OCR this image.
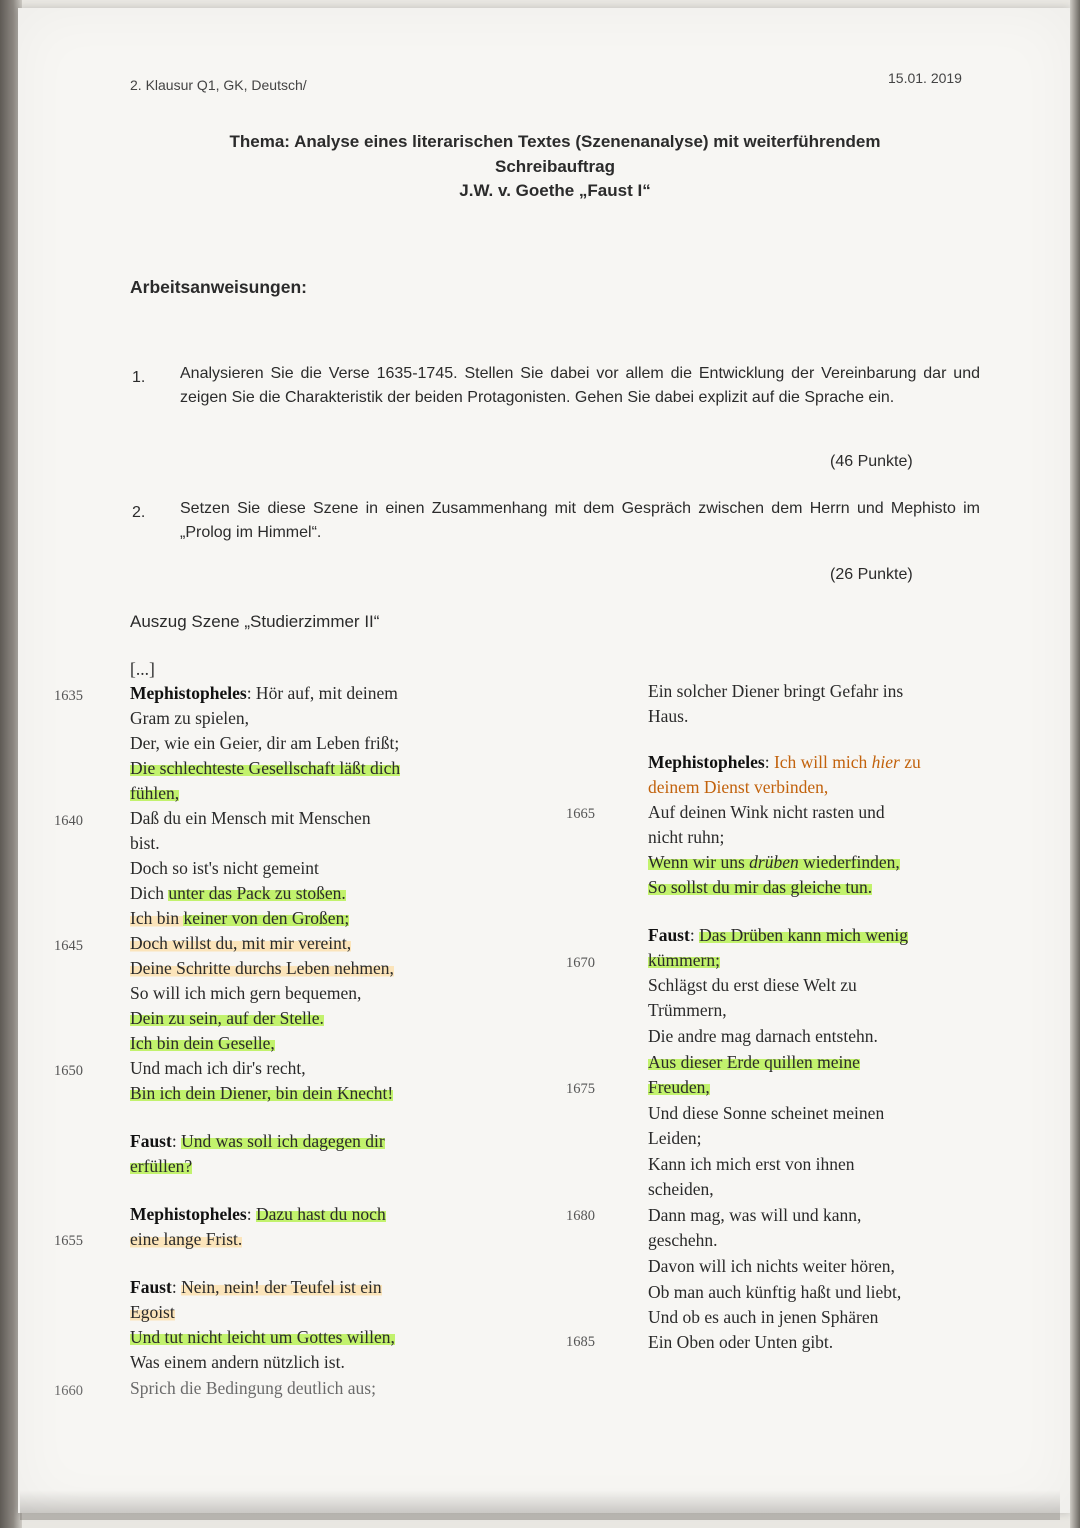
2. Klausur Q1, GK, Deutsch/	15.01. 2019
Thema: Analyse eines literarischen Textes (Szenenanalyse) mit weiterführendem
Schreibauftrag
J.W. v. Goethe „Faust I“
Arbeitsanweisungen:
1. Analysieren Sie die Verse 1635-1745. Stellen Sie dabei vor allem die Entwicklung der Vereinbarung dar und zeigen Sie die Charakteristik der beiden Protagonisten. Gehen Sie dabei explizit auf die Sprache ein.
(46 Punkte)
2. Setzen Sie diese Szene in einen Zusammenhang mit dem Gespräch zwischen dem Herrn und Mephisto im „Prolog im Himmel“.
(26 Punkte)
Auszug Szene „Studierzimmer II“
1635
1640
1645
1650
1655
1660
1665
1670
1675
1680
1685
[...]
Mephistopheles: Hör auf, mit deinem
Gram zu spielen,
Der, wie ein Geier, dir am Leben frißt;
Die schlechteste Gesellschaft läßt dich
fühlen,
Daß du ein Mensch mit Menschen
bist.
Doch so ist's nicht gemeint
Dich unter das Pack zu stoßen.
Ich bin keiner von den Großen;
Doch willst du, mit mir vereint,
Deine Schritte durchs Leben nehmen,
So will ich mich gern bequemen,
Dein zu sein, auf der Stelle.
Ich bin dein Geselle,
Und mach ich dir's recht,
Bin ich dein Diener, bin dein Knecht!
Faust: Und was soll ich dagegen dir
erfüllen?
Mephistopheles: Dazu hast du noch
eine lange Frist.
Faust: Nein, nein! der Teufel ist ein
Egoist
Und tut nicht leicht um Gottes willen,
Was einem andern nützlich ist.
Sprich die Bedingung deutlich aus;
Ein solcher Diener bringt Gefahr ins
Haus.
Mephistopheles: Ich will mich hier zu
deinem Dienst verbinden,
Auf deinen Wink nicht rasten und
nicht ruhn;
Wenn wir uns drüben wiederfinden,
So sollst du mir das gleiche tun.
Faust: Das Drüben kann mich wenig
kümmern;
Schlägst du erst diese Welt zu
Trümmern,
Die andre mag darnach entstehn.
Aus dieser Erde quillen meine
Freuden,
Und diese Sonne scheinet meinen
Leiden;
Kann ich mich erst von ihnen
scheiden,
Dann mag, was will und kann,
geschehn.
Davon will ich nichts weiter hören,
Ob man auch künftig haßt und liebt,
Und ob es auch in jenen Sphären
Ein Oben oder Unten gibt.
